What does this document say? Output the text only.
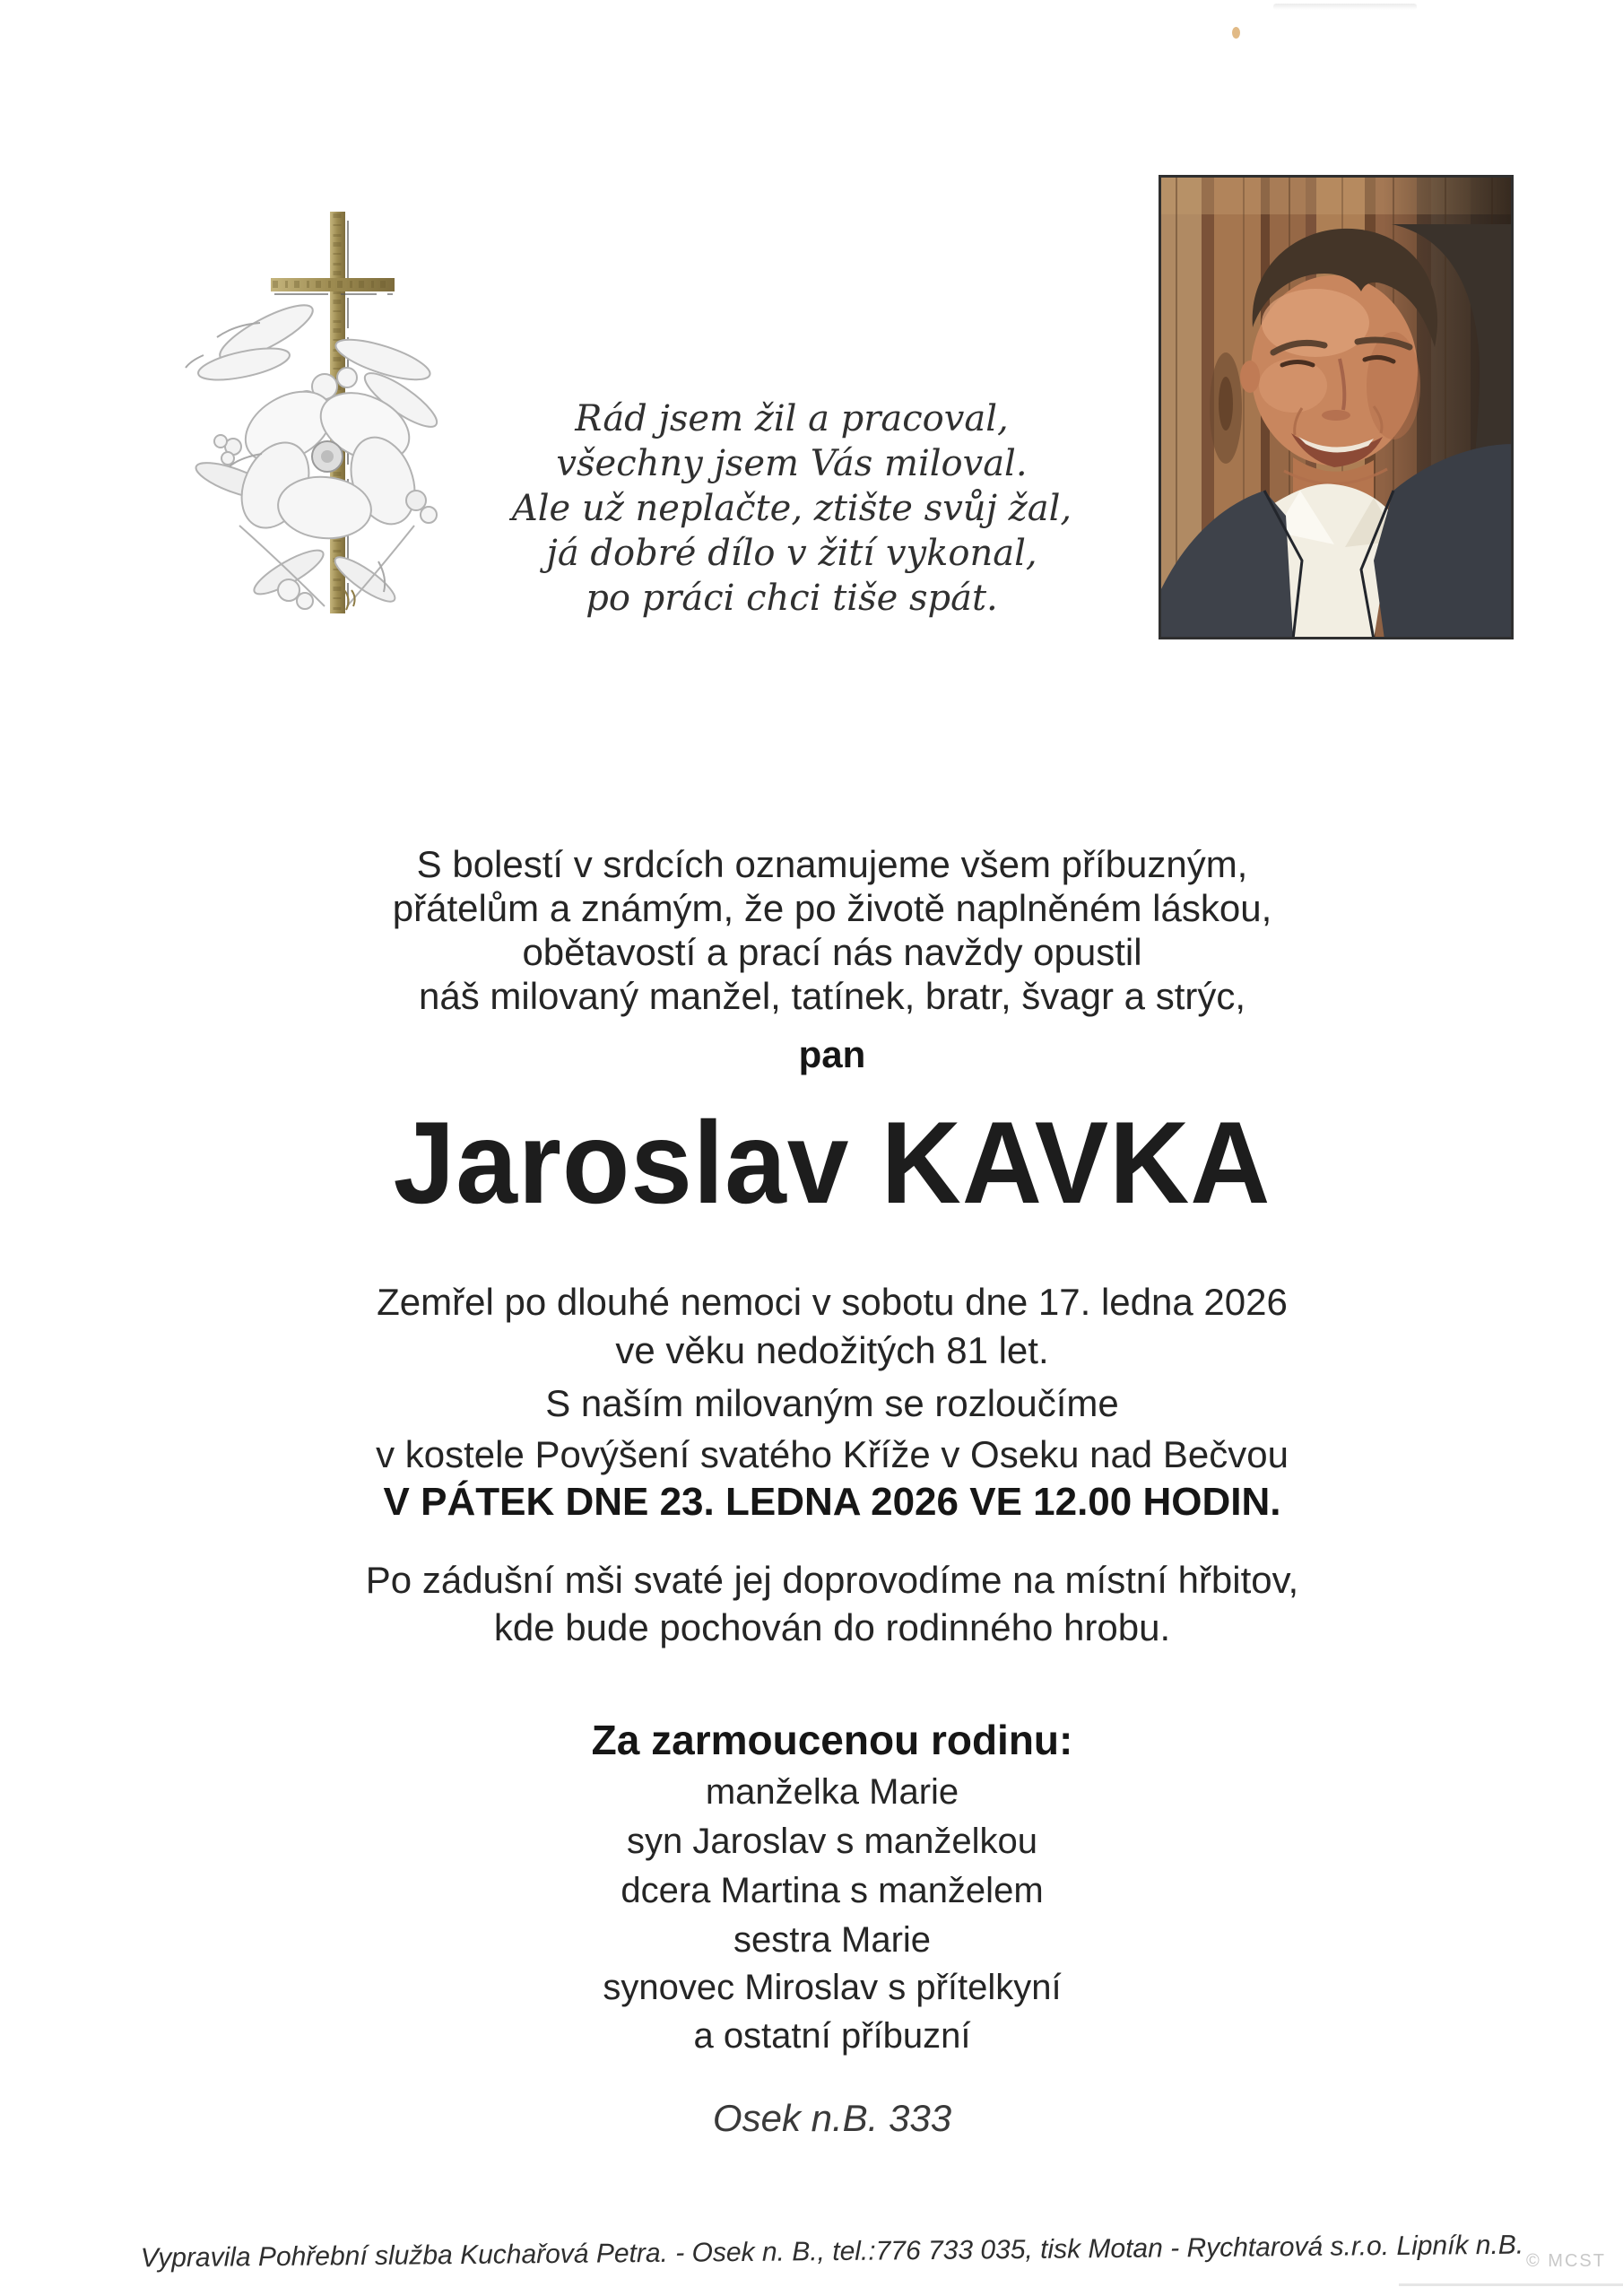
Rád jsem žil a pracoval,
všechny jsem Vás miloval.
Ale už neplačte, ztište svůj žal,
já dobré dílo v žití vykonal,
po práci chci tiše spát.
S bolestí v srdcích oznamujeme všem příbuzným,
přátelům a známým, že po životě naplněném láskou,
obětavostí a prací nás navždy opustil
náš milovaný manžel, tatínek, bratr, švagr a strýc,
pan
Jaroslav KAVKA
Zemřel po dlouhé nemoci v sobotu dne 17. ledna 2026
ve věku nedožitých 81 let.
S naším milovaným se rozloučíme
v kostele Povýšení svatého Kříže v Oseku nad Bečvou
V PÁTEK DNE 23. LEDNA 2026 VE 12.00 HODIN.
Po zádušní mši svaté jej doprovodíme na místní hřbitov,
kde bude pochován do rodinného hrobu.
Za zarmoucenou rodinu:
manželka Marie
syn Jaroslav s manželkou
dcera Martina s manželem
sestra Marie
synovec Miroslav s přítelkyní
a ostatní příbuzní
Osek n.B. 333
Vypravila Pohřební služba Kuchařová Petra. - Osek n. B., tel.:776 733 035, tisk Motan - Rychtarová s.r.o. Lipník n.B. © MCST
